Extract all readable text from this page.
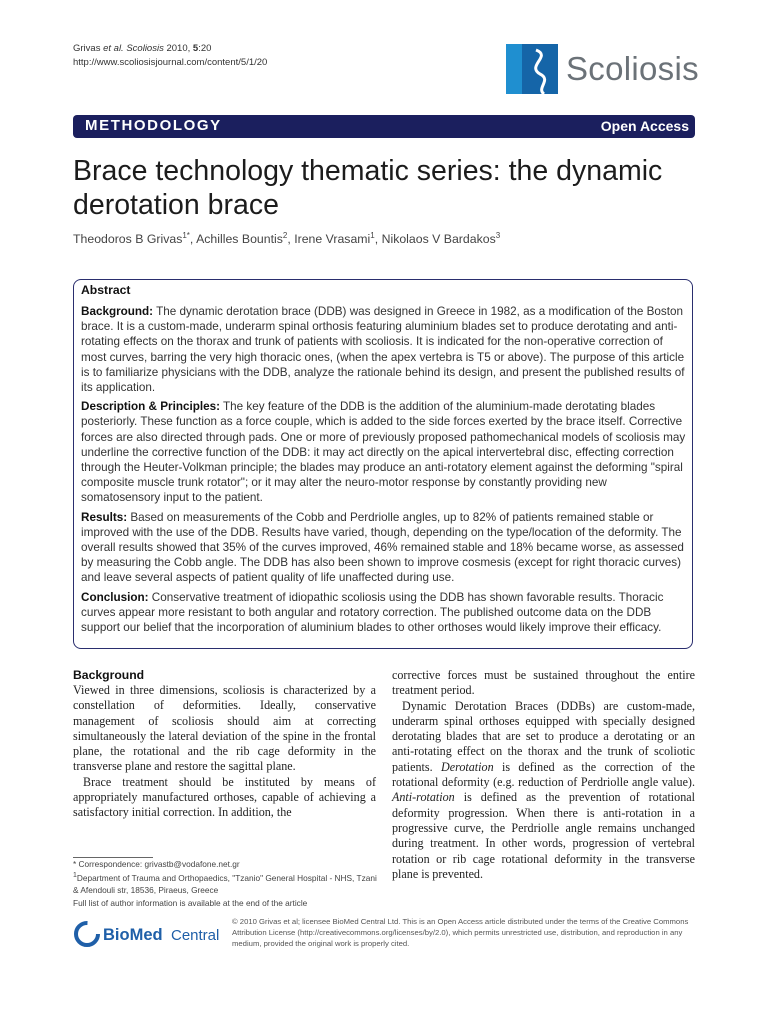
Grivas et al. Scoliosis 2010, 5:20
http://www.scoliosisjournal.com/content/5/1/20	Scoliosis
METHODOLOGY	Open Access
Brace technology thematic series: the dynamic derotation brace
Theodoros B Grivas$^{1*}$, Achilles Bountis$^2$, Irene Vrasami$^1$, Nikolaos V Bardakos$^3$
Abstract

Background: The dynamic derotation brace (DDB) was designed in Greece in 1982, as a modification of the Boston brace. It is a custom-made, underarm spinal orthosis featuring aluminium blades set to produce derotating and anti-rotating effects on the thorax and trunk of patients with scoliosis. It is indicated for the non-operative correction of most curves, barring the very high thoracic ones, (when the apex vertebra is T5 or above). The purpose of this article is to familiarize physicians with the DDB, analyze the rationale behind its design, and present the published results of its application.

Description & Principles: The key feature of the DDB is the addition of the aluminium-made derotating blades posteriorly. These function as a force couple, which is added to the side forces exerted by the brace itself. Corrective forces are also directed through pads. One or more of previously proposed pathomechanical models of scoliosis may underline the corrective function of the DDB: it may act directly on the apical intervertebral disc, effecting correction through the Heuter-Volkman principle; the blades may produce an anti-rotatory element against the deforming "spiral composite muscle trunk rotator"; or it may alter the neuro-motor response by constantly providing new somatosensory input to the patient.

Results: Based on measurements of the Cobb and Perdriolle angles, up to 82% of patients remained stable or improved with the use of the DDB. Results have varied, though, depending on the type/location of the deformity. The overall results showed that 35% of the curves improved, 46% remained stable and 18% became worse, as assessed by measuring the Cobb angle. The DDB has also been shown to improve cosmesis (except for right thoracic curves) and leave several aspects of patient quality of life unaffected during use.

Conclusion: Conservative treatment of idiopathic scoliosis using the DDB has shown favorable results. Thoracic curves appear more resistant to both angular and rotatory correction. The published outcome data on the DDB support our belief that the incorporation of aluminium blades to other orthoses would likely improve their efficacy.

Background

Viewed in three dimensions, scoliosis is characterized by a constellation of deformities. Ideally, conservative management of scoliosis should aim at correcting simultaneously the lateral deviation of the spine in the frontal plane, the rotational and the rib cage deformity in the transverse plane and restore the sagittal plane.

Brace treatment should be instituted by means of appropriately manufactured orthoses, capable of achieving a satisfactory initial correction. In addition, the

corrective forces must be sustained throughout the entire treatment period.

Dynamic Derotation Braces (DDBs) are custom-made, underarm spinal orthoses equipped with specially designed derotating blades that are set to produce a derotating or an anti-rotating effect on the thorax and the trunk of scoliotic patients. Derotation is defined as the correction of the rotational deformity (e.g. reduction of Perdriolle angle value). Anti-rotation is defined as the prevention of rotational deformity progression. When there is anti-rotation in a progressive curve, the Perdriolle angle remains unchanged during treatment. In other words, progression of vertebral rotation or rib cage rotational deformity in the transverse plane is prevented.

* Correspondence: grivastb@vodafone.net.gr

$^1$Department of Trauma and Orthopaedics, "Tzanio" General Hospital - NHS, Tzani & Afendouli str, 18536, Piraeus, Greece

Full list of author information is available at the end of the article

BioMed Central
© 2010 Grivas et al; licensee BioMed Central Ltd. This is an Open Access article distributed under the terms of the Creative Commons Attribution License (http://creativecommons.org/licenses/by/2.0), which permits unrestricted use, distribution, and reproduction in any medium, provided the original work is properly cited.
